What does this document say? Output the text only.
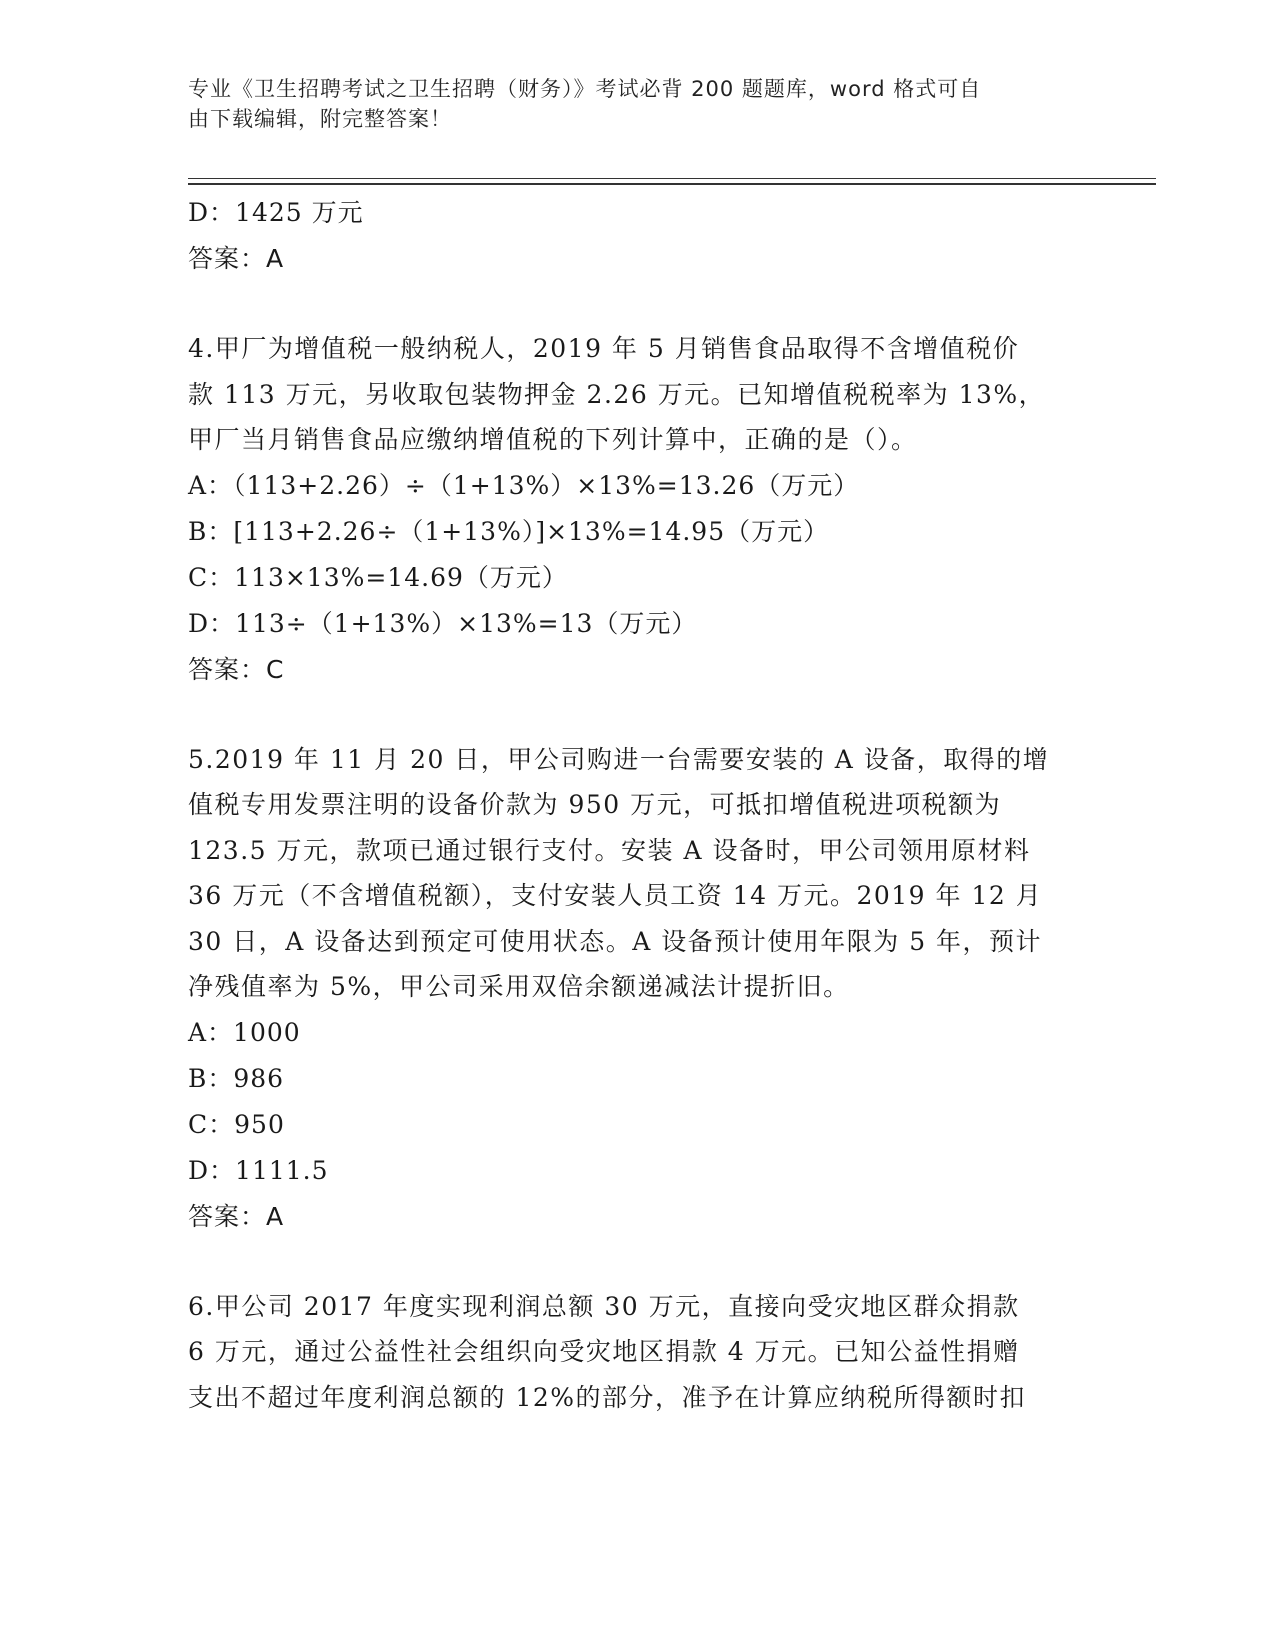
专业《卫生招聘考试之卫生招聘（财务）》考试必背 200 题题库，word 格式可自
由下载编辑，附完整答案！
D：1425 万元
答案：A
4.甲厂为增值税一般纳税人，2019 年 5 月销售食品取得不含增值税价
款 113 万元，另收取包装物押金 2.26 万元。已知增值税税率为 13%，
甲厂当月销售食品应缴纳增值税的下列计算中，正确的是（）。
A：（113+2.26）÷（1+13%）×13%=13.26（万元）
B：[113+2.26÷（1+13%）]×13%=14.95（万元）
C：113×13%=14.69（万元）
D：113÷（1+13%）×13%=13（万元）
答案：C
5.2019 年 11 月 20 日，甲公司购进一台需要安装的 A 设备，取得的增
值税专用发票注明的设备价款为 950 万元，可抵扣增值税进项税额为
123.5 万元，款项已通过银行支付。安装 A 设备时，甲公司领用原材料
36 万元（不含增值税额），支付安装人员工资 14 万元。2019 年 12 月
30 日，A 设备达到预定可使用状态。A 设备预计使用年限为 5 年，预计
净残值率为 5%，甲公司采用双倍余额递减法计提折旧。
A：1000
B：986
C：950
D：1111.5
答案：A
6.甲公司 2017 年度实现利润总额 30 万元，直接向受灾地区群众捐款
6 万元，通过公益性社会组织向受灾地区捐款 4 万元。已知公益性捐赠
支出不超过年度利润总额的 12%的部分，准予在计算应纳税所得额时扣
